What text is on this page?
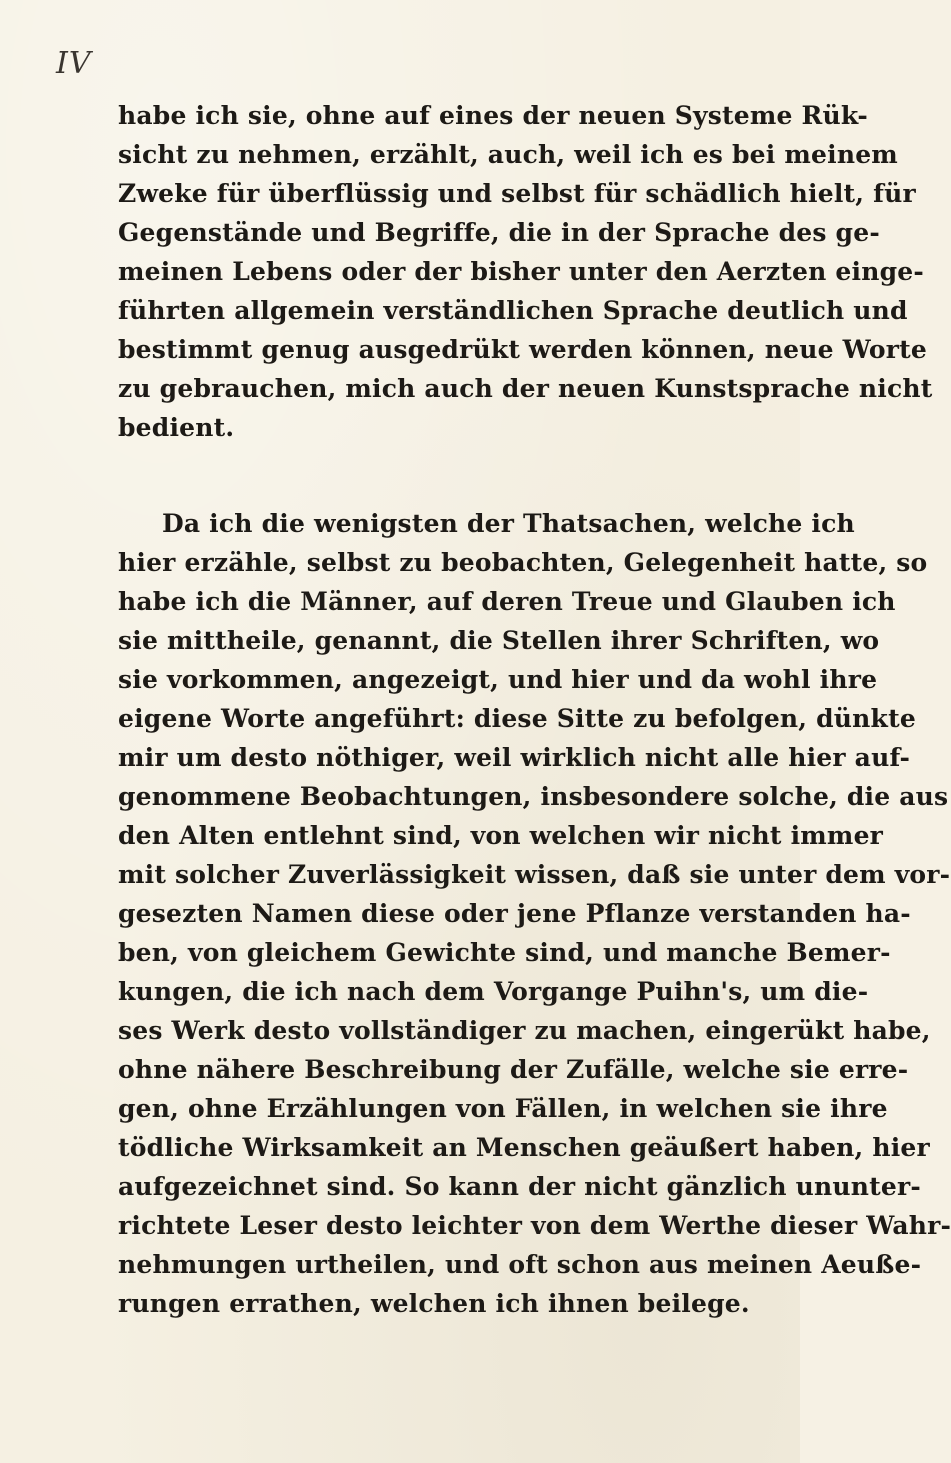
IV
habe ich sie, ohne auf eines der neuen Systeme Rük-
sicht zu nehmen, erzählt, auch, weil ich es bei meinem
Zweke für überflüssig und selbst für schädlich hielt, für
Gegenstände und Begriffe, die in der Sprache des ge-
meinen Lebens oder der bisher unter den Aerzten einge-
führten allgemein verständlichen Sprache deutlich und
bestimmt genug ausgedrükt werden können, neue Worte
zu gebrauchen, mich auch der neuen Kunstsprache nicht
bedient.
Da ich die wenigsten der Thatsachen, welche ich
hier erzähle, selbst zu beobachten, Gelegenheit hatte, so
habe ich die Männer, auf deren Treue und Glauben ich
sie mittheile, genannt, die Stellen ihrer Schriften, wo
sie vorkommen, angezeigt, und hier und da wohl ihre
eigene Worte angeführt: diese Sitte zu befolgen, dünkte
mir um desto nöthiger, weil wirklich nicht alle hier auf-
genommene Beobachtungen, insbesondere solche, die aus
den Alten entlehnt sind, von welchen wir nicht immer
mit solcher Zuverlässigkeit wissen, daß sie unter dem vor-
gesezten Namen diese oder jene Pflanze verstanden ha-
ben, von gleichem Gewichte sind, und manche Bemer-
kungen, die ich nach dem Vorgange Puihn's, um die-
ses Werk desto vollständiger zu machen, eingerükt habe,
ohne nähere Beschreibung der Zufälle, welche sie erre-
gen, ohne Erzählungen von Fällen, in welchen sie ihre
tödliche Wirksamkeit an Menschen geäußert haben, hier
aufgezeichnet sind. So kann der nicht gänzlich ununter-
richtete Leser desto leichter von dem Werthe dieser Wahr-
nehmungen urtheilen, und oft schon aus meinen Aeuße-
rungen errathen, welchen ich ihnen beilege.
